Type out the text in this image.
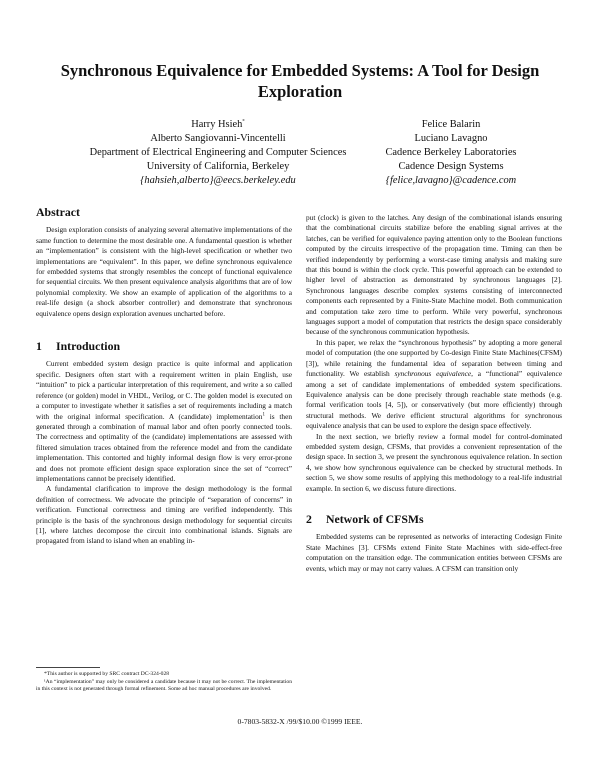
Synchronous Equivalence for Embedded Systems: A Tool for Design Exploration
Harry Hsieh*
Alberto Sangiovanni-Vincentelli
Department of Electrical Engineering and Computer Sciences
University of California, Berkeley
{hahsieh,alberto}@eecs.berkeley.edu
Felice Balarin
Luciano Lavagno
Cadence Berkeley Laboratories
Cadence Design Systems
{felice,lavagno}@cadence.com
Abstract

Design exploration consists of analyzing several alternative implementations of the same function to determine the most desirable one. A fundamental question is whether an “implementation” is consistent with the high-level specification or whether two implementations are “equivalent”. In this paper, we define synchronous equivalence for embedded systems that strongly resembles the concept of functional equivalence for sequential circuits. We then present equivalence analysis algorithms that are of low polynomial complexity. We show an example of application of the algorithms to a real-life design (a shock absorber controller) and demonstrate that synchronous equivalence opens design exploration avenues uncharted before.

1 Introduction

Current embedded system design practice is quite informal and application specific. Designers often start with a requirement written in plain English, use “intuition” to pick a particular interpretation of this requirement, and write a so called reference (or golden) model in VHDL, Verilog, or C. The golden model is executed on a computer to investigate whether it satisfies a set of requirements including a match with the original informal specification. A (candidate) implementation$^1$ is then generated through a combination of manual labor and often poorly connected tools. The correctness and optimality of the (candidate) implementations are assessed with filtered simulation traces obtained from the reference model and from the candidate implementation. This contorted and highly informal design flow is very error-prone and does not promote efficient design space exploration since the set of “correct” implementations cannot be precisely identified.

A fundamental clarification to improve the design methodology is the formal definition of correctness. We advocate the principle of “separation of concerns” in verification. Functional correctness and timing are verified independently. This principle is the basis of the synchronous design methodology for sequential circuits [1], where latches decompose the circuit into combinational islands. Signals are propagated from island to island when an enabling in-

*This author is supported by SRC contract DC-324-028

¹An “implementation” may only be considered a candidate because it may not be correct. The implementation in this context is not generated through formal refinement. Some ad hoc manual procedures are involved.

put (clock) is given to the latches. Any design of the combinational islands ensuring that the combinational circuits stabilize before the enabling signal arrives at the latches, can be verified for equivalence paying attention only to the Boolean functions computed by the circuits irrespective of the propagation time. Timing can then be verified independently by performing a worst-case timing analysis and making sure that this bound is within the clock cycle. This powerful approach can be extended to higher level of abstraction as demonstrated by synchronous languages [2]. Synchronous languages describe complex systems consisting of interconnected components each represented by a Finite-State Machine model. Both communication and computation take zero time to perform. While very powerful, synchronous languages support a model of computation that restricts the design space considerably because of the synchronous communication hypothesis.

In this paper, we relax the “synchronous hypothesis” by adopting a more general model of computation (the one supported by Co-design Finite State Machines(CFSM) [3]), while retaining the fundamental idea of separation between timing and functionality. We establish synchronous equivalence, a “functional” equivalence among a set of candidate implementations of embedded system specifications. Equivalence analysis can be done precisely through reachable state methods (e.g. formal verification tools [4, 5]), or conservatively (but more efficiently) through structural methods. We derive efficient structural algorithms for synchronous equivalence analysis that can be used to explore the design space effectively.

In the next section, we briefly review a formal model for control-dominated embedded system design, CFSMs, that provides a convenient representation of the design space. In section 3, we present the synchronous equivalence relation. In section 4, we show how synchronous equivalence can be checked by structural methods. In section 5, we show some results of applying this methodology to a real-life industrial example. In section 6, we discuss future directions.

2 Network of CFSMs

Embedded systems can be represented as networks of interacting Codesign Finite State Machines [3]. CFSMs extend Finite State Machines with side-effect-free computation on the transition edge. The communication entities between CFSMs are events, which may or may not carry values. A CFSM can transition only

0-7803-5832-X /99/$10.00 ©1999 IEEE.
